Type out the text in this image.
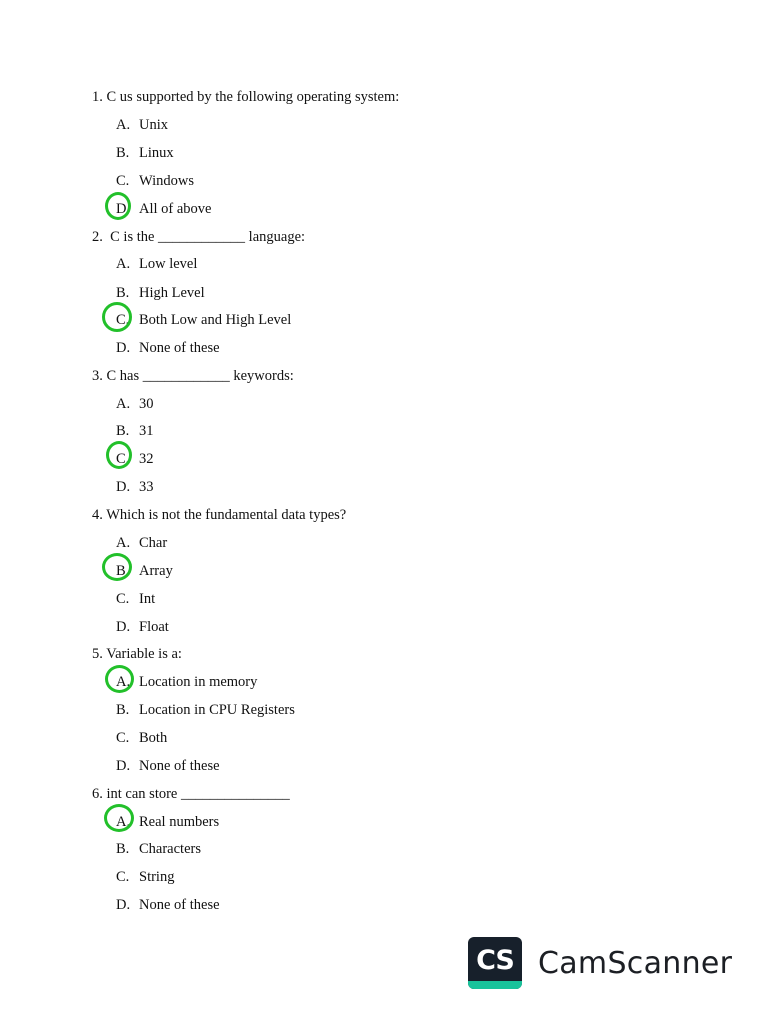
1. C us supported by the following operating system:
A. Unix
B. Linux
C. Windows
D. All of above
2.  C is the ____________ language:
A. Low level
B. High Level
C. Both Low and High Level
D. None of these
3. C has ____________ keywords:
A. 30
B. 31
C. 32
D. 33
4. Which is not the fundamental data types?
A. Char
B. Array
C. Int
D. Float
5. Variable is a:
A. Location in memory
B. Location in CPU Registers
C. Both
D. None of these
6. int can store _______________
A. Real numbers
B. Characters
C. String
D. None of these
CS CamScanner
